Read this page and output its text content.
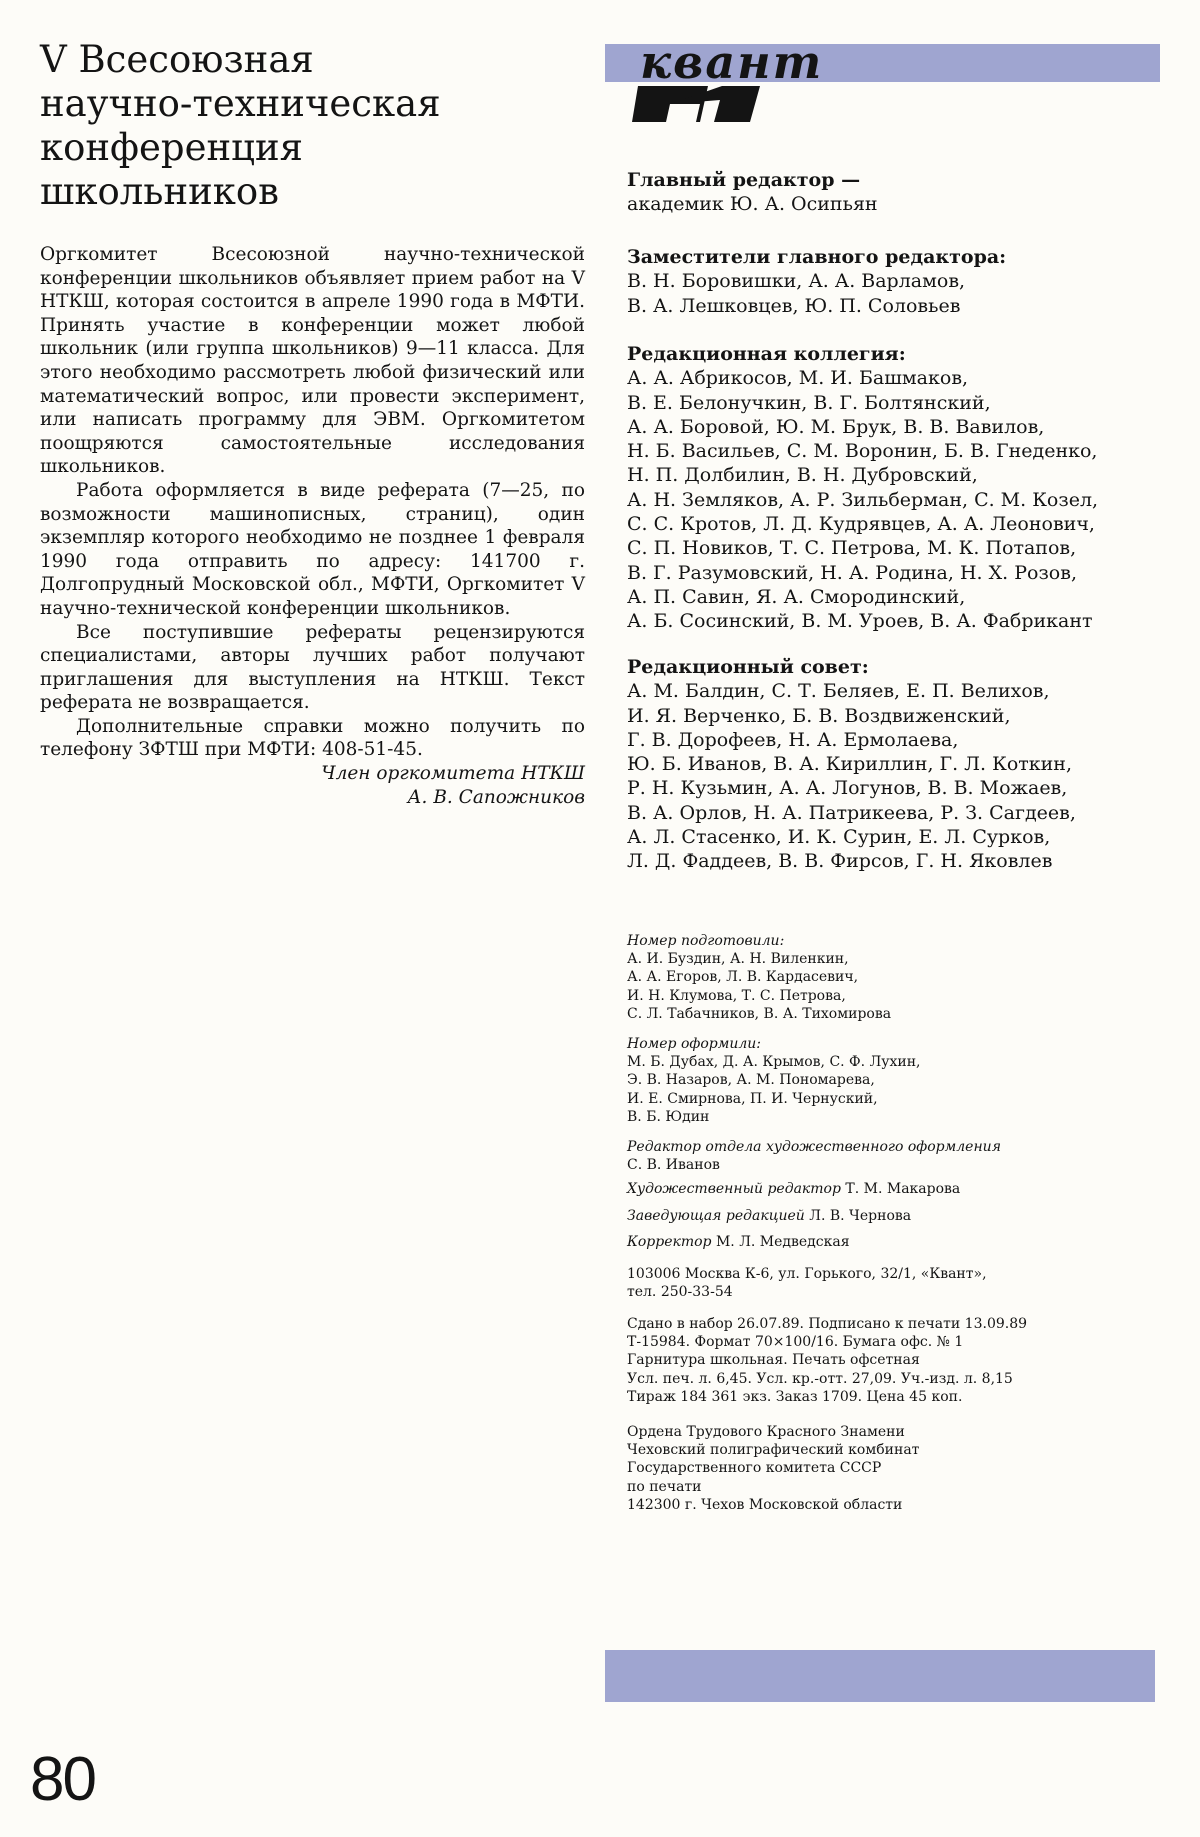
V Всесоюзная
научно-техническая
конференция
школьников

Оргкомитет Всесоюзной научно-технической конференции школьников объявляет прием работ на V НТКШ, которая состоится в апреле 1990 года в МФТИ. Принять участие в конференции может любой школьник (или группа школьников) 9—11 класса. Для этого необходимо рассмотреть любой физический или математический вопрос, или провести эксперимент, или написать программу для ЭВМ. Оргкомитетом поощряются самостоятельные исследования школьников.

Работа оформляется в виде реферата (7—25, по возможности машинописных, страниц), один экземпляр которого необходимо не позднее 1 февраля 1990 года отправить по адресу: 141700 г. Долгопрудный Московской обл., МФТИ, Оргкомитет V научно-технической конференции школьников.

Все поступившие рефераты рецензируются специалистами, авторы лучших работ получают приглашения для выступления на НТКШ. Текст реферата не возвращается.

Дополнительные справки можно получить по телефону ЗФТШ при МФТИ: 408-51-45.

Член оргкомитета НТКШ
А. В. Сапожников
квант
Главный редактор —
академик Ю. А. Осипьян
Заместители главного редактора:
В. Н. Боровишки, А. А. Варламов,
В. А. Лешковцев, Ю. П. Соловьев
Редакционная коллегия:
А. А. Абрикосов, М. И. Башмаков,
В. Е. Белонучкин, В. Г. Болтянский,
А. А. Боровой, Ю. М. Брук, В. В. Вавилов,
Н. Б. Васильев, С. М. Воронин, Б. В. Гнеденко,
Н. П. Долбилин, В. Н. Дубровский,
А. Н. Земляков, А. Р. Зильберман, С. М. Козел,
С. С. Кротов, Л. Д. Кудрявцев, А. А. Леонович,
С. П. Новиков, Т. С. Петрова, М. К. Потапов,
В. Г. Разумовский, Н. А. Родина, Н. Х. Розов,
А. П. Савин, Я. А. Смородинский,
А. Б. Сосинский, В. М. Уроев, В. А. Фабрикант
Редакционный совет:
А. М. Балдин, С. Т. Беляев, Е. П. Велихов,
И. Я. Верченко, Б. В. Воздвиженский,
Г. В. Дорофеев, Н. А. Ермолаева,
Ю. Б. Иванов, В. А. Кириллин, Г. Л. Коткин,
Р. Н. Кузьмин, А. А. Логунов, В. В. Можаев,
В. А. Орлов, Н. А. Патрикеева, Р. З. Сагдеев,
А. Л. Стасенко, И. К. Сурин, Е. Л. Сурков,
Л. Д. Фаддеев, В. В. Фирсов, Г. Н. Яковлев
Номер подготовили:
А. И. Буздин, А. Н. Виленкин,
А. А. Егоров, Л. В. Кардасевич,
И. Н. Клумова, Т. С. Петрова,
С. Л. Табачников, В. А. Тихомирова
Номер оформили:
М. Б. Дубах, Д. А. Крымов, С. Ф. Лухин,
Э. В. Назаров, А. М. Пономарева,
И. Е. Смирнова, П. И. Чернуский,
В. Б. Юдин
Редактор отдела художественного оформления
С. В. Иванов
Художественный редактор Т. М. Макарова
Заведующая редакцией Л. В. Чернова
Корректор М. Л. Медведская
103006 Москва К-6, ул. Горького, 32/1, «Квант»,
тел. 250-33-54
Сдано в набор 26.07.89. Подписано к печати 13.09.89
Т-15984. Формат 70×100/16. Бумага офс. № 1
Гарнитура школьная. Печать офсетная
Усл. печ. л. 6,45. Усл. кр.-отт. 27,09. Уч.-изд. л. 8,15
Тираж 184 361 экз. Заказ 1709. Цена 45 коп.
Ордена Трудового Красного Знамени
Чеховский полиграфический комбинат
Государственного комитета СССР
по печати
142300 г. Чехов Московской области
80
